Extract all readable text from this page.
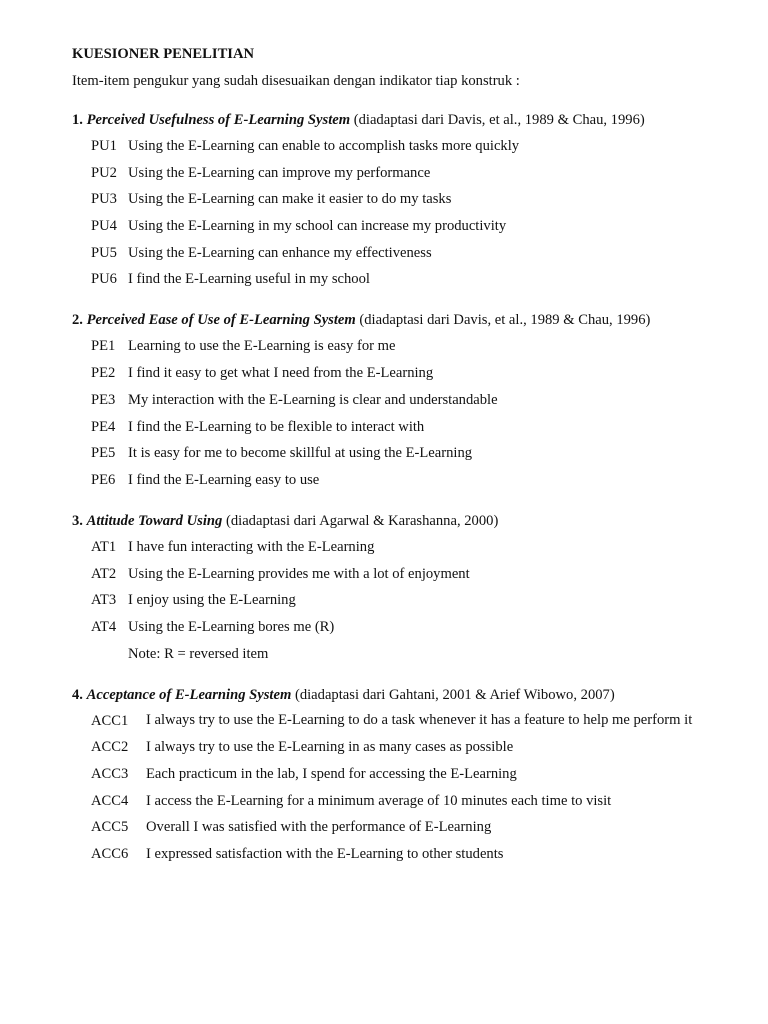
KUESIONER PENELITIAN
Item-item pengukur yang sudah disesuaikan dengan indikator tiap konstruk :
1. Perceived Usefulness of E-Learning System (diadaptasi dari Davis, et al., 1989 & Chau, 1996)
PU1 Using the E-Learning can enable to accomplish tasks more quickly
PU2 Using the E-Learning can improve my performance
PU3 Using the E-Learning can make it easier to do my tasks
PU4 Using the E-Learning in my school can increase my productivity
PU5 Using the E-Learning can enhance my effectiveness
PU6 I find the E-Learning useful in my school
2. Perceived Ease of Use of E-Learning System (diadaptasi dari Davis, et al., 1989 & Chau, 1996)
PE1 Learning to use the E-Learning is easy for me
PE2 I find it easy to get what I need from the E-Learning
PE3 My interaction with the E-Learning is clear and understandable
PE4 I find the E-Learning to be flexible to interact with
PE5 It is easy for me to become skillful at using the E-Learning
PE6 I find the E-Learning easy to use
3. Attitude Toward Using (diadaptasi dari Agarwal & Karashanna, 2000)
AT1 I have fun interacting with the E-Learning
AT2 Using the E-Learning provides me with a lot of enjoyment
AT3 I enjoy using the E-Learning
AT4 Using the E-Learning bores me (R)
Note: R = reversed item
4. Acceptance of E-Learning System (diadaptasi dari Gahtani, 2001 & Arief Wibowo, 2007)
ACC1	I always try to use the E-Learning to do a task whenever it has a feature to help me perform it
ACC2	I always try to use the E-Learning in as many cases as possible
ACC3	Each practicum in the lab, I spend for accessing the E-Learning
ACC4	I access the E-Learning for a minimum average of 10 minutes each time to visit
ACC5	Overall I was satisfied with the performance of E-Learning
ACC6	I expressed satisfaction with the E-Learning to other students
